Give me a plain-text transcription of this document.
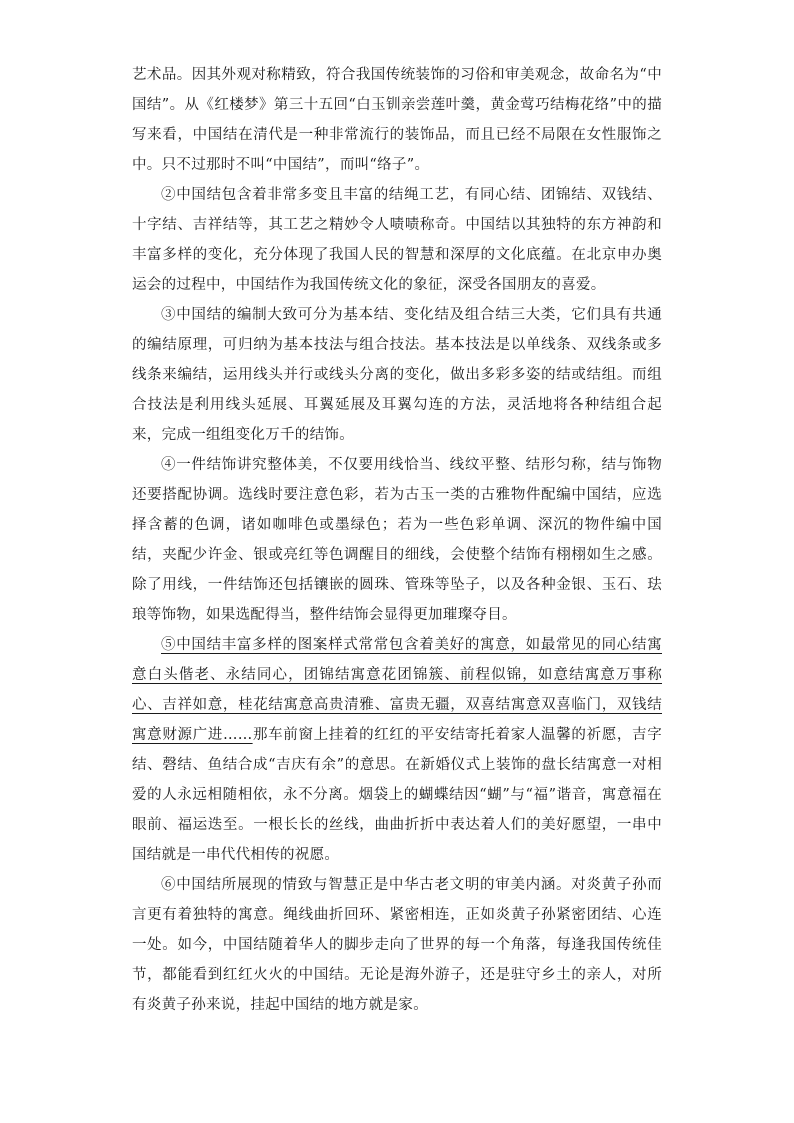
艺术品。因其外观对称精致，符合我国传统装饰的习俗和审美观念，故命名为“中国结”。从《红楼梦》第三十五回“白玉钏亲尝莲叶羹，黄金莺巧结梅花络”中的描写来看，中国结在清代是一种非常流行的装饰品，而且已经不局限在女性服饰之中。只不过那时不叫“中国结”，而叫“络子”。

②中国结包含着非常多变且丰富的结绳工艺，有同心结、团锦结、双钱结、十字结、吉祥结等，其工艺之精妙令人啧啧称奇。中国结以其独特的东方神韵和丰富多样的变化，充分体现了我国人民的智慧和深厚的文化底蕴。在北京申办奥运会的过程中，中国结作为我国传统文化的象征，深受各国朋友的喜爱。

③中国结的编制大致可分为基本结、变化结及组合结三大类，它们具有共通的编结原理，可归纳为基本技法与组合技法。基本技法是以单线条、双线条或多线条来编结，运用线头并行或线头分离的变化，做出多彩多姿的结或结组。而组合技法是利用线头延展、耳翼延展及耳翼勾连的方法，灵活地将各种结组合起来，完成一组组变化万千的结饰。

④一件结饰讲究整体美，不仅要用线恰当、线纹平整、结形匀称，结与饰物还要搭配协调。选线时要注意色彩，若为古玉一类的古雅物件配编中国结，应选择含蓄的色调，诸如咖啡色或墨绿色；若为一些色彩单调、深沉的物件编中国结，夹配少许金、银或亮红等色调醒目的细线，会使整个结饰有栩栩如生之感。除了用线，一件结饰还包括镶嵌的圆珠、管珠等坠子，以及各种金银、玉石、珐琅等饰物，如果选配得当，整件结饰会显得更加璀璨夺目。

⑤中国结丰富多样的图案样式常常包含着美好的寓意，如最常见的同心结寓意白头偕老、永结同心，团锦结寓意花团锦簇、前程似锦，如意结寓意万事称心、吉祥如意，桂花结寓意高贵清雅、富贵无疆，双喜结寓意双喜临门，双钱结寓意财源广进……那车前窗上挂着的红红的平安结寄托着家人温馨的祈愿，吉字结、磬结、鱼结合成“吉庆有余”的意思。在新婚仪式上装饰的盘长结寓意一对相爱的人永远相随相依，永不分离。烟袋上的蝴蝶结因“蝴”与“福”谐音，寓意福在眼前、福运迭至。一根长长的丝线，曲曲折折中表达着人们的美好愿望，一串中国结就是一串代代相传的祝愿。

⑥中国结所展现的情致与智慧正是中华古老文明的审美内涵。对炎黄子孙而言更有着独特的寓意。绳线曲折回环、紧密相连，正如炎黄子孙紧密团结、心连一处。如今，中国结随着华人的脚步走向了世界的每一个角落，每逢我国传统佳节，都能看到红红火火的中国结。无论是海外游子，还是驻守乡土的亲人，对所有炎黄子孙来说，挂起中国结的地方就是家。
